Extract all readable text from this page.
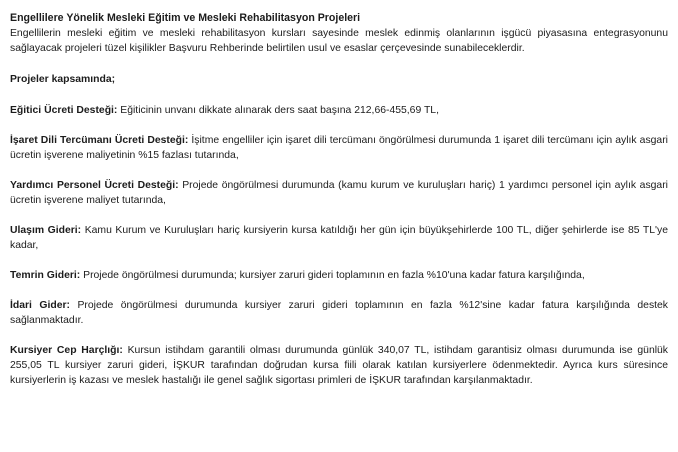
Engellilere Yönelik Mesleki Eğitim ve Mesleki Rehabilitasyon Projeleri

Engellilerin mesleki eğitim ve mesleki rehabilitasyon kursları sayesinde meslek edinmiş olanlarının işgücü piyasasına entegrasyonunu sağlayacak projeleri tüzel kişilikler Başvuru Rehberinde belirtilen usul ve esaslar çerçevesinde sunabileceklerdir.

Projeler kapsamında;

Eğitici Ücreti Desteği: Eğiticinin unvanı dikkate alınarak ders saat başına 212,66-455,69 TL,

İşaret Dili Tercümanı Ücreti Desteği: İşitme engelliler için işaret dili tercümanı öngörülmesi durumunda 1 işaret dili tercümanı için aylık asgari ücretin işverene maliyetinin %15 fazlası tutarında,

Yardımcı Personel Ücreti Desteği: Projede öngörülmesi durumunda (kamu kurum ve kuruluşları hariç) 1 yardımcı personel için aylık asgari ücretin işverene maliyet tutarında,

Ulaşım Gideri: Kamu Kurum ve Kuruluşları hariç kursiyerin kursa katıldığı her gün için büyükşehirlerde 100 TL, diğer şehirlerde ise 85 TL'ye kadar,

Temrin Gideri: Projede öngörülmesi durumunda; kursiyer zaruri gideri toplamının en fazla %10'una kadar fatura karşılığında,

İdari Gider: Projede öngörülmesi durumunda kursiyer zaruri gideri toplamının en fazla %12'sine kadar fatura karşılığında destek sağlanmaktadır.

Kursiyer Cep Harçlığı: Kursun istihdam garantili olması durumunda günlük 340,07 TL, istihdam garantisiz olması durumunda ise günlük 255,05 TL kursiyer zaruri gideri, İŞKUR tarafından doğrudan kursa fiili olarak katılan kursiyerlere ödenmektedir. Ayrıca kurs süresince kursiyerlerin iş kazası ve meslek hastalığı ile genel sağlık sigortası primleri de İŞKUR tarafından karşılanmaktadır.
